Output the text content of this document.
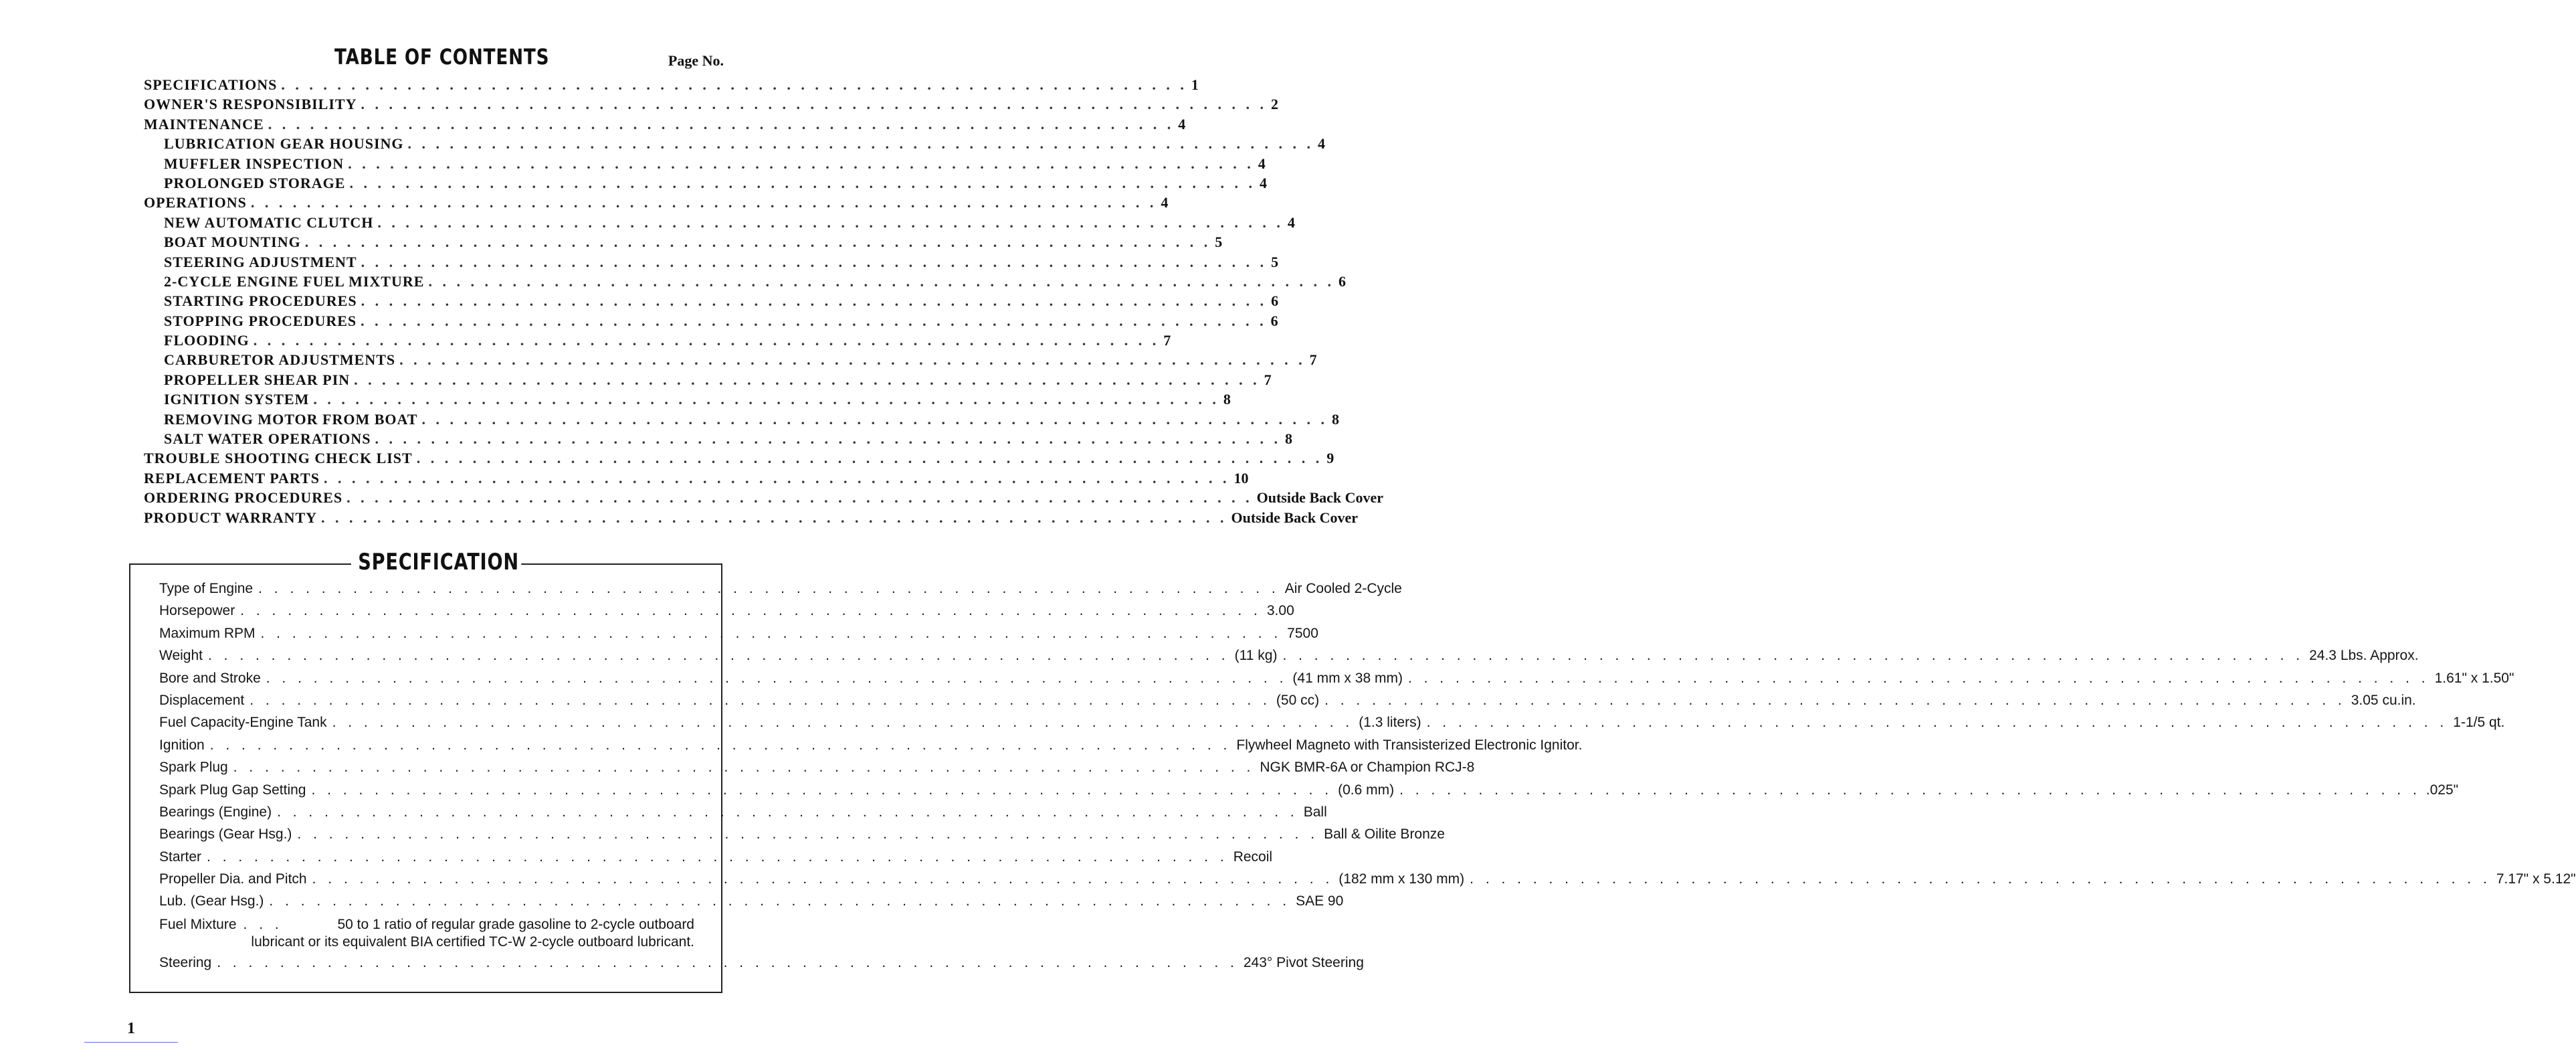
TABLE OF CONTENTS	Page No.
SPECIFICATIONS . . . . . . . . . . . . . . . . . . . . . . . . . . . . . . . . . . . . . . . . . . . . . . . . . . . . . . . . . . . . . . . . . 1
OWNER'S RESPONSIBILITY . . . . . . . . . . . . . . . . . . . . . . . . . . . . . . . . . . . . . . . . . . . . . . . . . . . . . . . . . . . . . . . . . 2
MAINTENANCE . . . . . . . . . . . . . . . . . . . . . . . . . . . . . . . . . . . . . . . . . . . . . . . . . . . . . . . . . . . . . . . . . 4
LUBRICATION GEAR HOUSING . . . . . . . . . . . . . . . . . . . . . . . . . . . . . . . . . . . . . . . . . . . . . . . . . . . . . . . . . . . . . . . . . 4
MUFFLER INSPECTION . . . . . . . . . . . . . . . . . . . . . . . . . . . . . . . . . . . . . . . . . . . . . . . . . . . . . . . . . . . . . . . . . 4
PROLONGED STORAGE . . . . . . . . . . . . . . . . . . . . . . . . . . . . . . . . . . . . . . . . . . . . . . . . . . . . . . . . . . . . . . . . . 4
OPERATIONS . . . . . . . . . . . . . . . . . . . . . . . . . . . . . . . . . . . . . . . . . . . . . . . . . . . . . . . . . . . . . . . . . 4
NEW AUTOMATIC CLUTCH . . . . . . . . . . . . . . . . . . . . . . . . . . . . . . . . . . . . . . . . . . . . . . . . . . . . . . . . . . . . . . . . . 4
BOAT MOUNTING . . . . . . . . . . . . . . . . . . . . . . . . . . . . . . . . . . . . . . . . . . . . . . . . . . . . . . . . . . . . . . . . . 5
STEERING ADJUSTMENT . . . . . . . . . . . . . . . . . . . . . . . . . . . . . . . . . . . . . . . . . . . . . . . . . . . . . . . . . . . . . . . . . 5
2-CYCLE ENGINE FUEL MIXTURE . . . . . . . . . . . . . . . . . . . . . . . . . . . . . . . . . . . . . . . . . . . . . . . . . . . . . . . . . . . . . . . . . 6
STARTING PROCEDURES . . . . . . . . . . . . . . . . . . . . . . . . . . . . . . . . . . . . . . . . . . . . . . . . . . . . . . . . . . . . . . . . . 6
STOPPING PROCEDURES . . . . . . . . . . . . . . . . . . . . . . . . . . . . . . . . . . . . . . . . . . . . . . . . . . . . . . . . . . . . . . . . . 6
FLOODING . . . . . . . . . . . . . . . . . . . . . . . . . . . . . . . . . . . . . . . . . . . . . . . . . . . . . . . . . . . . . . . . . 7
CARBURETOR ADJUSTMENTS . . . . . . . . . . . . . . . . . . . . . . . . . . . . . . . . . . . . . . . . . . . . . . . . . . . . . . . . . . . . . . . . . 7
PROPELLER SHEAR PIN . . . . . . . . . . . . . . . . . . . . . . . . . . . . . . . . . . . . . . . . . . . . . . . . . . . . . . . . . . . . . . . . . 7
IGNITION SYSTEM . . . . . . . . . . . . . . . . . . . . . . . . . . . . . . . . . . . . . . . . . . . . . . . . . . . . . . . . . . . . . . . . . 8
REMOVING MOTOR FROM BOAT . . . . . . . . . . . . . . . . . . . . . . . . . . . . . . . . . . . . . . . . . . . . . . . . . . . . . . . . . . . . . . . . . 8
SALT WATER OPERATIONS . . . . . . . . . . . . . . . . . . . . . . . . . . . . . . . . . . . . . . . . . . . . . . . . . . . . . . . . . . . . . . . . . 8
TROUBLE SHOOTING CHECK LIST . . . . . . . . . . . . . . . . . . . . . . . . . . . . . . . . . . . . . . . . . . . . . . . . . . . . . . . . . . . . . . . . . 9
REPLACEMENT PARTS . . . . . . . . . . . . . . . . . . . . . . . . . . . . . . . . . . . . . . . . . . . . . . . . . . . . . . . . . . . . . . . . . 10
ORDERING PROCEDURES . . . . . . . . . . . . . . . . . . . . . . . . . . . . . . . . . . . . . . . . . . . . . . . . . . . . . . . . . . . . . . . . . Outside Back Cover
PRODUCT WARRANTY . . . . . . . . . . . . . . . . . . . . . . . . . . . . . . . . . . . . . . . . . . . . . . . . . . . . . . . . . . . . . . . . . Outside Back Cover
SPECIFICATION
Type of Engine . . . . . . . . . . . . . . . . . . . . . . . . . . . . . . . . . . . . . . . . . . . . . . . . . . . . . . . . . . . . . . . . . Air Cooled 2-Cycle
Horsepower . . . . . . . . . . . . . . . . . . . . . . . . . . . . . . . . . . . . . . . . . . . . . . . . . . . . . . . . . . . . . . . . . 3.00
Maximum RPM . . . . . . . . . . . . . . . . . . . . . . . . . . . . . . . . . . . . . . . . . . . . . . . . . . . . . . . . . . . . . . . . . 7500
Weight . . . . . . . . . . . . . . . . . . . . . . . . . . . . . . . . . . . . . . . . . . . . . . . . . . . . . . . . . . . . . . . . . (11 kg) . . . . . . . . . . . . . . . . . . . . . . . . . . . . . . . . . . . . . . . . . . . . . . . . . . . . . . . . . . . . . . . . . 24.3 Lbs. Approx.
Bore and Stroke . . . . . . . . . . . . . . . . . . . . . . . . . . . . . . . . . . . . . . . . . . . . . . . . . . . . . . . . . . . . . . . . . (41 mm x 38 mm) . . . . . . . . . . . . . . . . . . . . . . . . . . . . . . . . . . . . . . . . . . . . . . . . . . . . . . . . . . . . . . . . . 1.61" x 1.50"
Displacement . . . . . . . . . . . . . . . . . . . . . . . . . . . . . . . . . . . . . . . . . . . . . . . . . . . . . . . . . . . . . . . . . (50 cc) . . . . . . . . . . . . . . . . . . . . . . . . . . . . . . . . . . . . . . . . . . . . . . . . . . . . . . . . . . . . . . . . . 3.05 cu.in.
Fuel Capacity-Engine Tank . . . . . . . . . . . . . . . . . . . . . . . . . . . . . . . . . . . . . . . . . . . . . . . . . . . . . . . . . . . . . . . . . (1.3 liters) . . . . . . . . . . . . . . . . . . . . . . . . . . . . . . . . . . . . . . . . . . . . . . . . . . . . . . . . . . . . . . . . . 1-1/5 qt.
Ignition . . . . . . . . . . . . . . . . . . . . . . . . . . . . . . . . . . . . . . . . . . . . . . . . . . . . . . . . . . . . . . . . . Flywheel Magneto with Transisterized Electronic Ignitor.
Spark Plug . . . . . . . . . . . . . . . . . . . . . . . . . . . . . . . . . . . . . . . . . . . . . . . . . . . . . . . . . . . . . . . . . NGK BMR-6A or Champion RCJ-8
Spark Plug Gap Setting . . . . . . . . . . . . . . . . . . . . . . . . . . . . . . . . . . . . . . . . . . . . . . . . . . . . . . . . . . . . . . . . . (0.6 mm) . . . . . . . . . . . . . . . . . . . . . . . . . . . . . . . . . . . . . . . . . . . . . . . . . . . . . . . . . . . . . . . . . .025"
Bearings (Engine) . . . . . . . . . . . . . . . . . . . . . . . . . . . . . . . . . . . . . . . . . . . . . . . . . . . . . . . . . . . . . . . . . Ball
Bearings (Gear Hsg.) . . . . . . . . . . . . . . . . . . . . . . . . . . . . . . . . . . . . . . . . . . . . . . . . . . . . . . . . . . . . . . . . . Ball & Oilite Bronze
Starter . . . . . . . . . . . . . . . . . . . . . . . . . . . . . . . . . . . . . . . . . . . . . . . . . . . . . . . . . . . . . . . . . Recoil
Propeller Dia. and Pitch . . . . . . . . . . . . . . . . . . . . . . . . . . . . . . . . . . . . . . . . . . . . . . . . . . . . . . . . . . . . . . . . . (182 mm x 130 mm) . . . . . . . . . . . . . . . . . . . . . . . . . . . . . . . . . . . . . . . . . . . . . . . . . . . . . . . . . . . . . . . . . 7.17" x 5.12"
Lub. (Gear Hsg.) . . . . . . . . . . . . . . . . . . . . . . . . . . . . . . . . . . . . . . . . . . . . . . . . . . . . . . . . . . . . . . . . . SAE 90
Fuel Mixture . . .	50 to 1 ratio of regular grade gasoline to 2-cycle outboard
lubricant or its equivalent BIA certified TC-W 2-cycle outboard lubricant.
Steering . . . . . . . . . . . . . . . . . . . . . . . . . . . . . . . . . . . . . . . . . . . . . . . . . . . . . . . . . . . . . . . . . 243° Pivot Steering
1
